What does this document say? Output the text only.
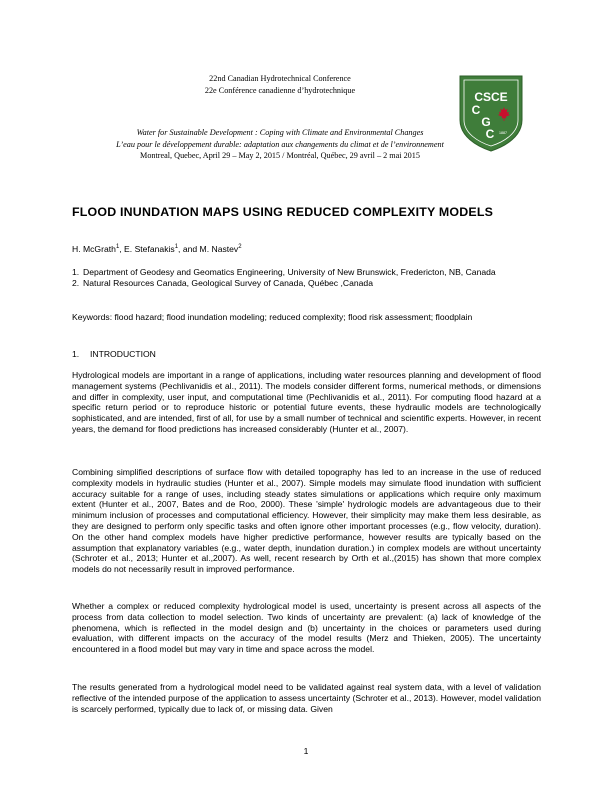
22nd Canadian Hydrotechnical Conference
22e Conférence canadienne d’hydrotechnique
Water for Sustainable Development : Coping with Climate and Environmental Changes
L’eau pour le développement durable: adaptation aux changements du climat et de l’environnement
Montreal, Quebec, April 29 – May 2, 2015 / Montréal, Québec, 29 avril – 2 mai 2015
CSCE
C
G
C 1887
FLOOD INUNDATION MAPS USING REDUCED COMPLEXITY MODELS
H. McGrath$^1$, E. Stefanakis$^1$, and M. Nastev$^2$
1. Department of Geodesy and Geomatics Engineering, University of New Brunswick, Fredericton, NB, Canada
2. Natural Resources Canada, Geological Survey of Canada, Québec ,Canada
Keywords: flood hazard; flood inundation modeling; reduced complexity; flood risk assessment; floodplain
1. INTRODUCTION
Hydrological models are important in a range of applications, including water resources planning and development of flood management systems (Pechlivanidis et al., 2011). The models consider different forms, numerical methods, or dimensions and differ in complexity, user input, and computational time (Pechlivanidis et al., 2011). For computing flood hazard at a specific return period or to reproduce historic or potential future events, these hydraulic models are technologically sophisticated, and are intended, first of all, for use by a small number of technical and scientific experts. However, in recent years, the demand for flood predictions has increased considerably (Hunter et al., 2007).
Combining simplified descriptions of surface flow with detailed topography has led to an increase in the use of reduced complexity models in hydraulic studies (Hunter et al., 2007). Simple models may simulate flood inundation with sufficient accuracy suitable for a range of uses, including steady states simulations or applications which require only maximum extent (Hunter et al., 2007, Bates and de Roo, 2000). These 'simple' hydrologic models are advantageous due to their minimum inclusion of processes and computational efficiency. However, their simplicity may make them less desirable, as they are designed to perform only specific tasks and often ignore other important processes (e.g., flow velocity, duration). On the other hand complex models have higher predictive performance, however results are typically based on the assumption that explanatory variables (e.g., water depth, inundation duration.) in complex models are without uncertainty (Schroter et al., 2013; Hunter et al.,2007). As well, recent research by Orth et al.,(2015) has shown that more complex models do not necessarily result in improved performance.
Whether a complex or reduced complexity hydrological model is used, uncertainty is present across all aspects of the process from data collection to model selection. Two kinds of uncertainty are prevalent: (a) lack of knowledge of the phenomena, which is reflected in the model design and (b) uncertainty in the choices or parameters used during evaluation, with different impacts on the accuracy of the model results (Merz and Thieken, 2005). The uncertainty encountered in a flood model but may vary in time and space across the model.
The results generated from a hydrological model need to be validated against real system data, with a level of validation reflective of the intended purpose of the application to assess uncertainty (Schroter et al., 2013). However, model validation is scarcely performed, typically due to lack of, or missing data. Given
1
